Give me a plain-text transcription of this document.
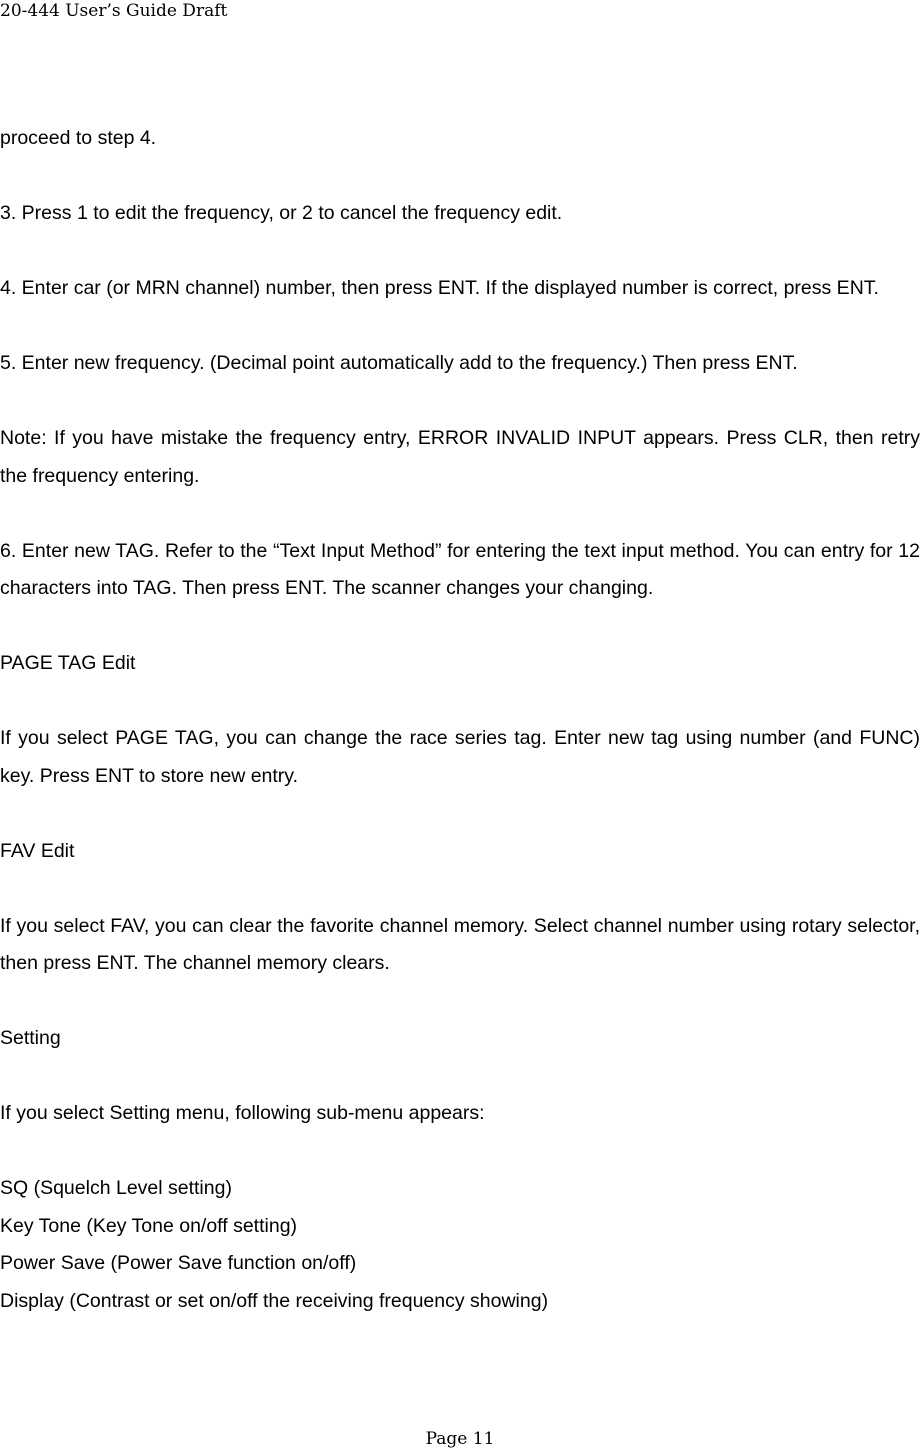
20-444 User’s Guide Draft

proceed to step 4.

3. Press 1 to edit the frequency, or 2 to cancel the frequency edit.

4. Enter car (or MRN channel) number, then press ENT. If the displayed number is correct, press ENT.

5. Enter new frequency. (Decimal point automatically add to the frequency.) Then press ENT.

Note: If you have mistake the frequency entry, ERROR INVALID INPUT appears. Press CLR, then retry the frequency entering.

6. Enter new TAG. Refer to the “Text Input Method” for entering the text input method. You can entry for 12 characters into TAG. Then press ENT. The scanner changes your changing.

PAGE TAG Edit

If you select PAGE TAG, you can change the race series tag. Enter new tag using number (and FUNC) key. Press ENT to store new entry.

FAV Edit

If you select FAV, you can clear the favorite channel memory. Select channel number using rotary selector, then press ENT. The channel memory clears.

Setting

If you select Setting menu, following sub-menu appears:

SQ (Squelch Level setting)
Key Tone (Key Tone on/off setting)
Power Save (Power Save function on/off)
Display (Contrast or set on/off the receiving frequency showing)
Page 11
